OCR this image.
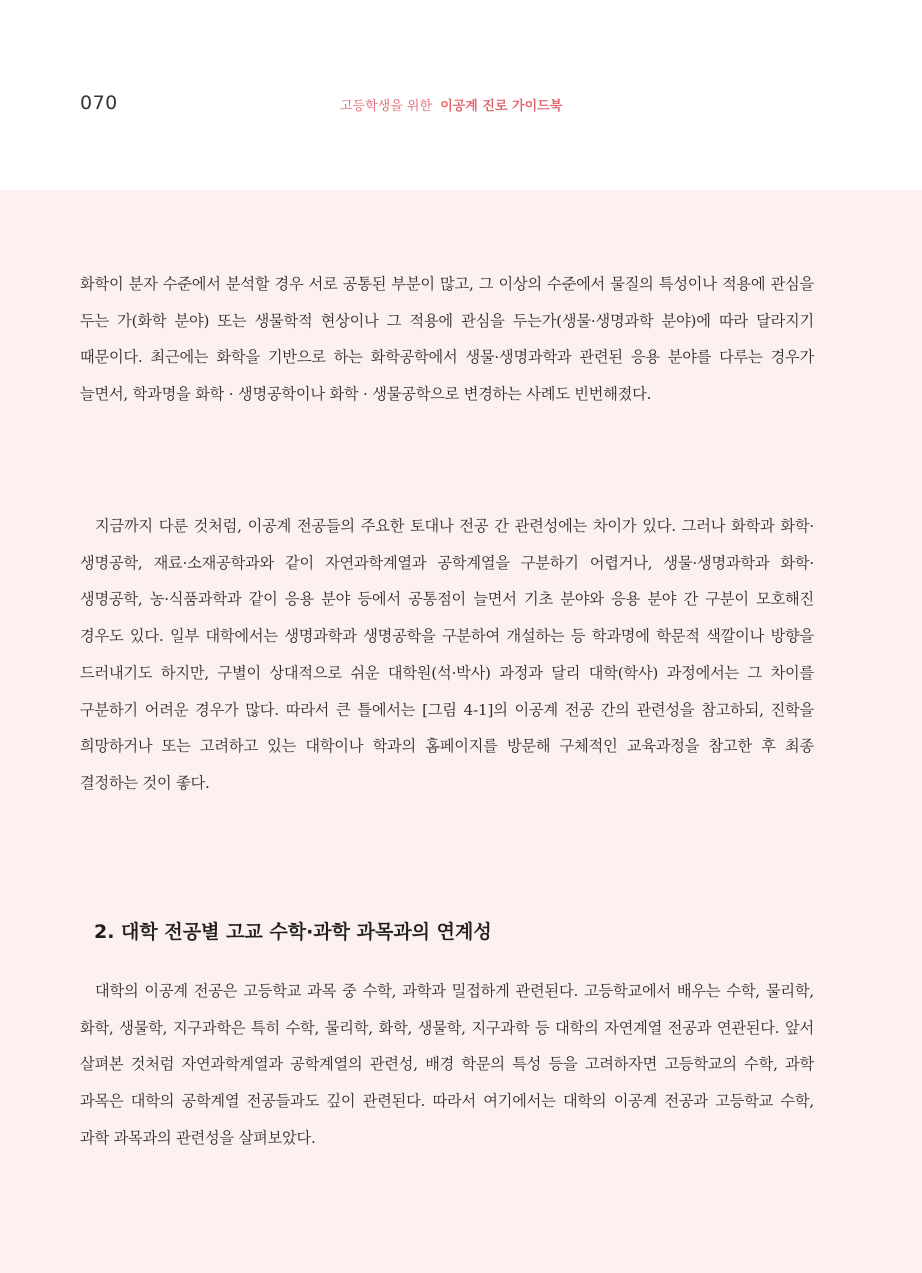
070	고등학생을 위한 이공계 진로 가이드북

화학이 분자 수준에서 분석할 경우 서로 공통된 부분이 많고, 그 이상의 수준에서 물질의 특성이나 적용에 관심을 두는 가(화학 분야) 또는 생물학적 현상이나 그 적용에 관심을 두는가(생물·생명과학 분야)에 따라 달라지기 때문이다. 최근에는 화학을 기반으로 하는 화학공학에서 생물·생명과학과 관련된 응용 분야를 다루는 경우가 늘면서, 학과명을 화학 · 생명공학이나 화학 · 생물공학으로 변경하는 사례도 빈번해졌다.

지금까지 다룬 것처럼, 이공계 전공들의 주요한 토대나 전공 간 관련성에는 차이가 있다. 그러나 화학과 화학·생명공학, 재료·소재공학과와 같이 자연과학계열과 공학계열을 구분하기 어렵거나, 생물·생명과학과 화학·생명공학, 농·식품과학과 같이 응용 분야 등에서 공통점이 늘면서 기초 분야와 응용 분야 간 구분이 모호해진 경우도 있다. 일부 대학에서는 생명과학과 생명공학을 구분하여 개설하는 등 학과명에 학문적 색깔이나 방향을 드러내기도 하지만, 구별이 상대적으로 쉬운 대학원(석·박사) 과정과 달리 대학(학사) 과정에서는 그 차이를 구분하기 어려운 경우가 많다. 따라서 큰 틀에서는 [그림 4-1]의 이공계 전공 간의 관련성을 참고하되, 진학을 희망하거나 또는 고려하고 있는 대학이나 학과의 홈페이지를 방문해 구체적인 교육과정을 참고한 후 최종 결정하는 것이 좋다.

2. 대학 전공별 고교 수학·과학 과목과의 연계성

대학의 이공계 전공은 고등학교 과목 중 수학, 과학과 밀접하게 관련된다. 고등학교에서 배우는 수학, 물리학, 화학, 생물학, 지구과학은 특히 수학, 물리학, 화학, 생물학, 지구과학 등 대학의 자연계열 전공과 연관된다. 앞서 살펴본 것처럼 자연과학계열과 공학계열의 관련성, 배경 학문의 특성 등을 고려하자면 고등학교의 수학, 과학 과목은 대학의 공학계열 전공들과도 깊이 관련된다. 따라서 여기에서는 대학의 이공계 전공과 고등학교 수학, 과학 과목과의 관련성을 살펴보았다.
